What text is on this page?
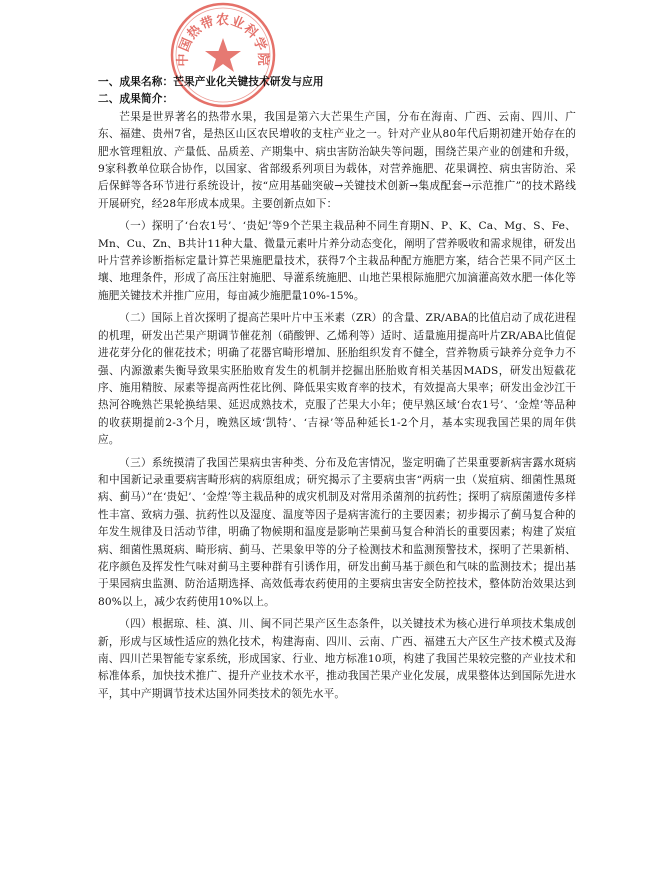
中国热带农业科学院

一、成果名称：芒果产业化关键技术研发与应用

二、成果简介：

芒果是世界著名的热带水果，我国是第六大芒果生产国，分布在海南、广西、云南、四川、广东、福建、贵州7省，是热区山区农民增收的支柱产业之一。针对产业从80年代后期初建开始存在的肥水管理粗放、产量低、品质差、产期集中、病虫害防治缺失等问题，围绕芒果产业的创建和升级，9家科教单位联合协作，以国家、省部级系列项目为载体，对营养施肥、花果调控、病虫害防治、采后保鲜等各环节进行系统设计，按“应用基础突破→关键技术创新→集成配套→示范推广”的技术路线开展研究，经28年形成本成果。主要创新点如下：

（一）探明了‘台农1号’、‘贵妃’等9个芒果主栽品种不同生育期N、P、K、Ca、Mg、S、Fe、Mn、Cu、Zn、B共计11种大量、微量元素叶片养分动态变化，阐明了营养吸收和需求规律，研发出叶片营养诊断指标定量计算芒果施肥量技术，获得7个主栽品种配方施肥方案，结合芒果不同产区土壤、地理条件，形成了高压注射施肥、导灌系统施肥、山地芒果根际施肥穴加滴灌高效水肥一体化等施肥关键技术并推广应用，每亩减少施肥量10%-15%。

（二）国际上首次探明了提高芒果叶片中玉米素（ZR）的含量、ZR/ABA的比值启动了成花进程的机理，研发出芒果产期调节催花剂（硝酸钾、乙烯利等）适时、适量施用提高叶片ZR/ABA比值促进花芽分化的催花技术；明确了花器官畸形增加、胚胎组织发育不健全，营养物质亏缺养分竞争力不强、内源激素失衡导致果实胚胎败育发生的机制并挖掘出胚胎败育相关基因MADS，研发出短截花序、施用精胺、尿素等提高两性花比例、降低果实败育率的技术，有效提高大果率；研发出金沙江干热河谷晚熟芒果轮换结果、延迟成熟技术，克服了芒果大小年；使早熟区域‘台农1号’、‘金煌’等品种的收获期提前2-3个月，晚熟区域‘凯特’、‘吉禄’等品种延长1-2个月，基本实现我国芒果的周年供应。

（三）系统摸清了我国芒果病虫害种类、分布及危害情况，鉴定明确了芒果重要新病害露水斑病和中国新记录重要病害畸形病的病原组成；研究揭示了主要病虫害“两病一虫（炭疽病、细菌性黑斑病、蓟马）”在‘贵妃’、‘金煌’等主栽品种的成灾机制及对常用杀菌剂的抗药性；探明了病原菌遗传多样性丰富、致病力强、抗药性以及湿度、温度等因子是病害流行的主要因素；初步揭示了蓟马复合种的年发生规律及日活动节律，明确了物候期和温度是影响芒果蓟马复合种消长的重要因素；构建了炭疽病、细菌性黑斑病、畸形病、蓟马、芒果象甲等的分子检测技术和监测预警技术，探明了芒果新梢、花序颜色及挥发性气味对蓟马主要种群有引诱作用，研发出蓟马基于颜色和气味的监测技术；提出基于果园病虫监测、防治适期选择、高效低毒农药使用的主要病虫害安全防控技术，整体防治效果达到80%以上，减少农药使用10%以上。

（四）根据琼、桂、滇、川、闽不同芒果产区生态条件，以关键技术为核心进行单项技术集成创新，形成与区域性适应的熟化技术，构建海南、四川、云南、广西、福建五大产区生产技术模式及海南、四川芒果智能专家系统，形成国家、行业、地方标准10项，构建了我国芒果较完整的产业技术和标准体系，加快技术推广、提升产业技术水平，推动我国芒果产业化发展，成果整体达到国际先进水平，其中产期调节技术达国外同类技术的领先水平。
